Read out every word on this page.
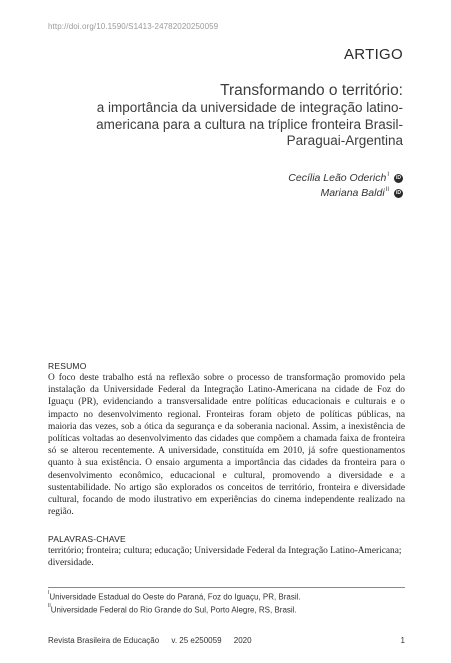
http://doi.org/10.1590/S1413-24782020250059
ARTIGO
Transformando o território:
a importância da universidade de integração latino-americana para a cultura na tríplice fronteira Brasil-Paraguai-Argentina
Cecília Leão Oderich$^I$	iD
Mariana Baldi$^{II}$	iD
RESUMO

O foco deste trabalho está na reflexão sobre o processo de transformação promovido pela instalação da Universidade Federal da Integração Latino-Americana na cidade de Foz do Iguaçu (PR), evidenciando a transversalidade entre políticas educacionais e culturais e o impacto no desenvolvimento regional. Fronteiras foram objeto de políticas públicas, na maioria das vezes, sob a ótica da segurança e da soberania nacional. Assim, a inexistência de políticas voltadas ao desenvolvimento das cidades que compõem a chamada faixa de fronteira só se alterou recentemente. A universidade, constituída em 2010, já sofre questionamentos quanto à sua existência. O ensaio argumenta a importância das cidades da fronteira para o desenvolvimento econômico, educacional e cultural, promovendo a diversidade e a sustentabilidade. No artigo são explorados os conceitos de território, fronteira e diversidade cultural, focando de modo ilustrativo em experiências do cinema independente realizado na região.

PALAVRAS-CHAVE

território; fronteira; cultura; educação; Universidade Federal da Integração Latino-Americana; diversidade.

$^I$Universidade Estadual do Oeste do Paraná, Foz do Iguaçu, PR, Brasil.
$^{II}$Universidade Federal do Rio Grande do Sul, Porto Alegre, RS, Brasil.
Revista Brasileira de Educação v. 25 e250059 2020	1
